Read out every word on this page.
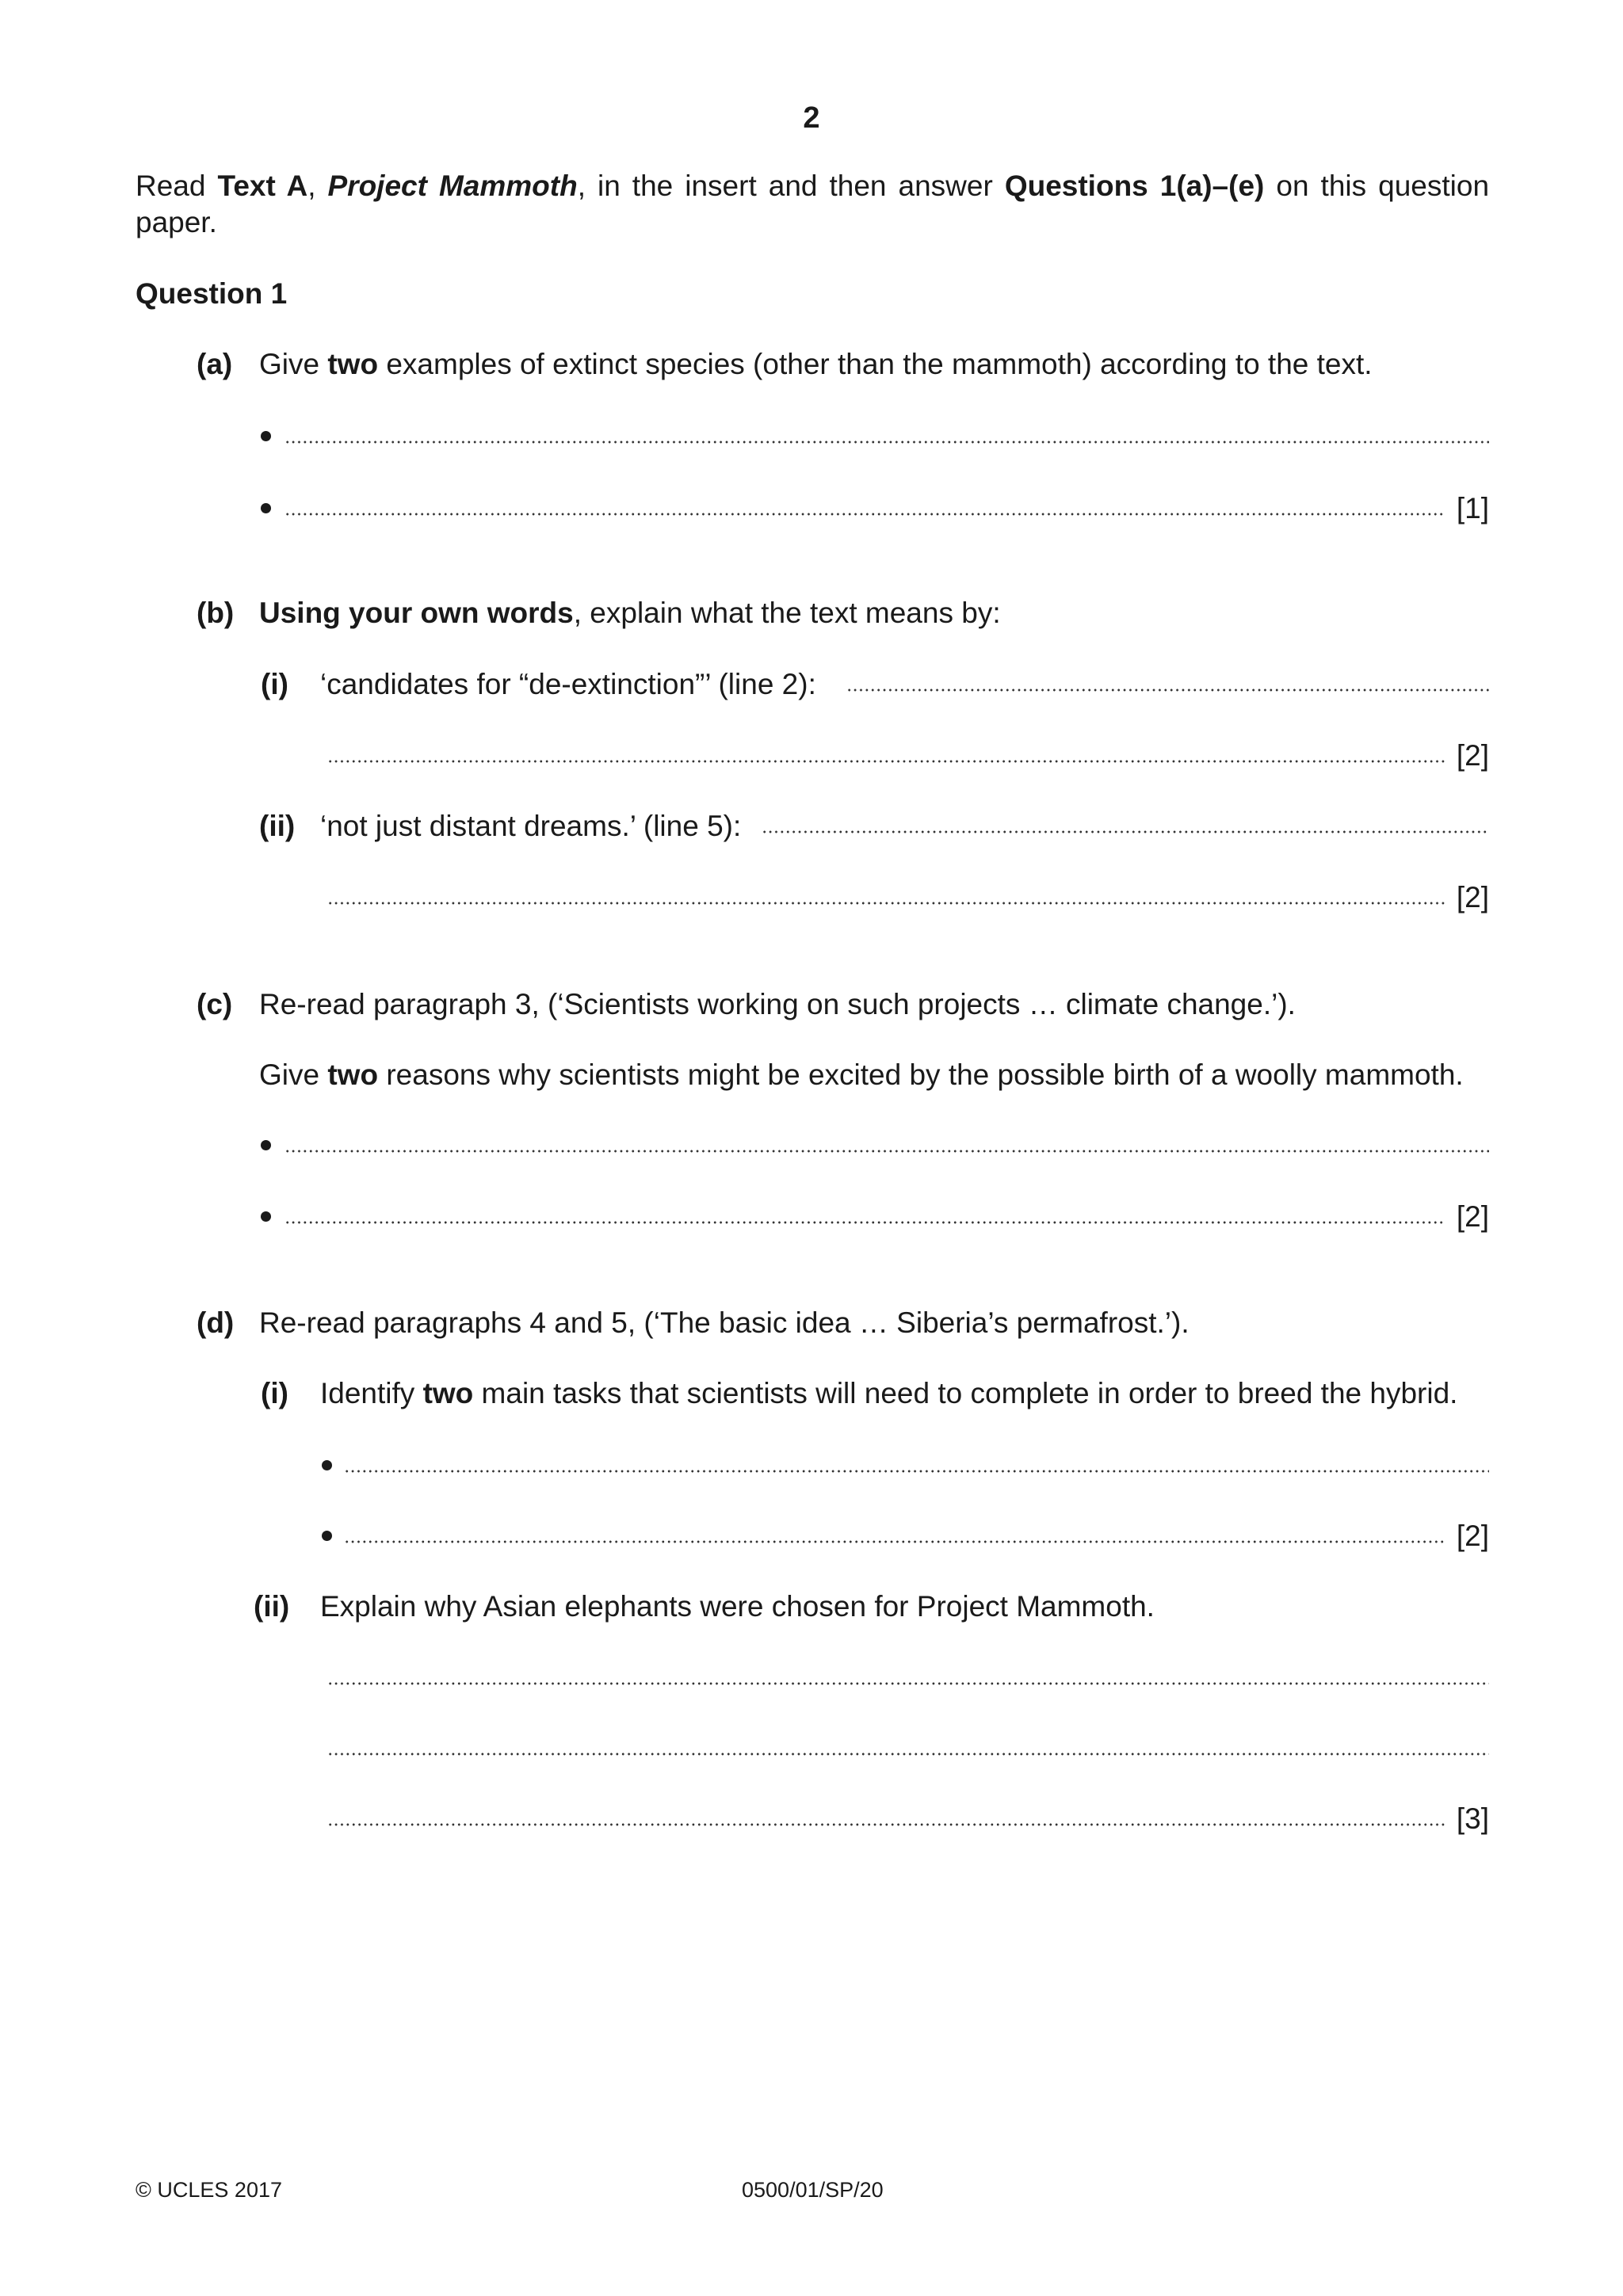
2
Read Text A, Project Mammoth, in the insert and then answer Questions 1(a)–(e) on this question paper.
Question 1
(a) Give two examples of extinct species (other than the mammoth) according to the text.
[1]
(b) Using your own words, explain what the text means by:
(i) ‘candidates for “de-extinction”’ (line 2):
[2]
(ii) ‘not just distant dreams.’ (line 5):
[2]
(c) Re-read paragraph 3, (‘Scientists working on such projects … climate change.’).
Give two reasons why scientists might be excited by the possible birth of a woolly mammoth.
[2]
(d) Re-read paragraphs 4 and 5, (‘The basic idea … Siberia’s permafrost.’).
(i) Identify two main tasks that scientists will need to complete in order to breed the hybrid.
[2]
(ii) Explain why Asian elephants were chosen for Project Mammoth.
[3]
© UCLES 2017	0500/01/SP/20
